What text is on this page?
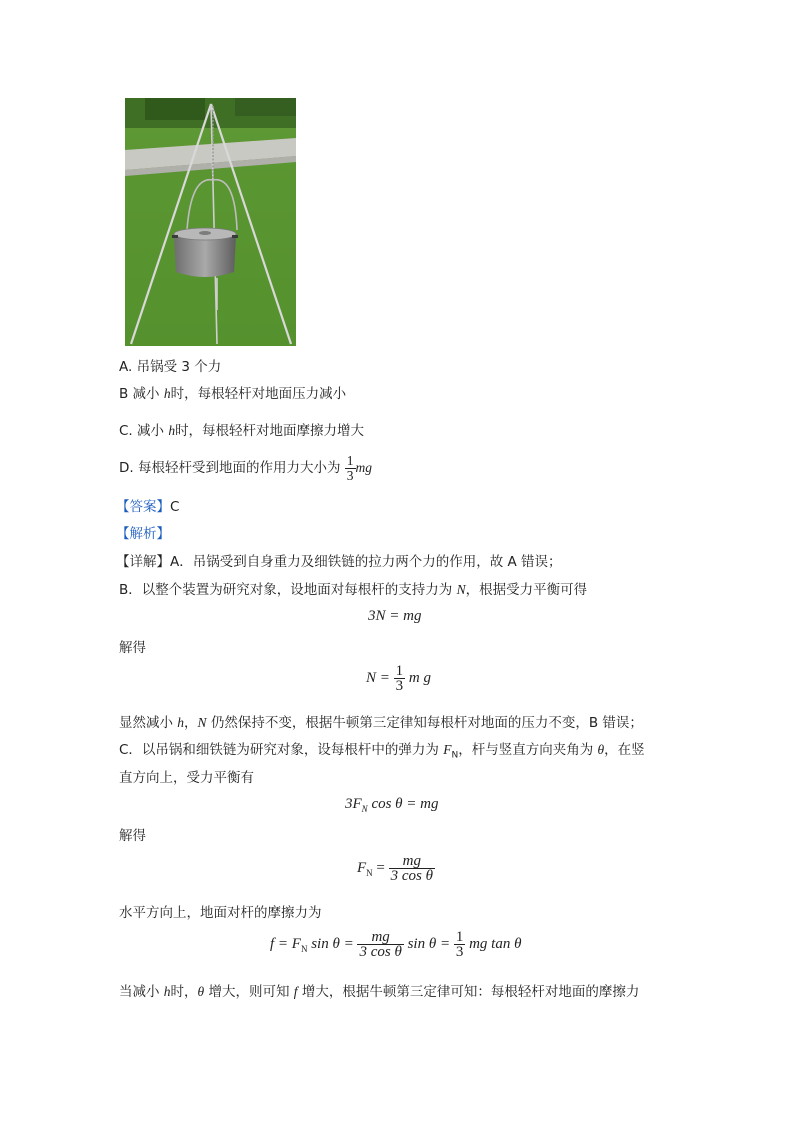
A. 吊锅受 3 个力
B 减小 h时，每根轻杆对地面压力减小
C. 减小 h时，每根轻杆对地面摩擦力增大
D. 每根轻杆受到地面的作用力大小为 $\frac{1}{3}$ mg
【答案】C
【解析】
【详解】A．吊锅受到自身重力及细铁链的拉力两个力的作用，故 A 错误；
B．以整个装置为研究对象，设地面对每根杆的支持力为 N，根据受力平衡可得
3N = mg
解得
$N = \frac{1}{3}$ m g
显然减小 h，N 仍然保持不变，根据牛顿第三定律知每根杆对地面的压力不变，B 错误；
C．以吊锅和细铁链为研究对象，设每根杆中的弹力为 $F_N$，杆与竖直方向夹角为 θ，在竖
直方向上，受力平衡有
$3F_N$ cos θ = mg
解得
$F_N = \frac{mg}{\text{3 cos θ}}$
水平方向上，地面对杆的摩擦力为
$f = F_N$ $\sin \theta = \frac{mg}{\text{3 cos θ}}$ $\sin \theta = \frac{1}{3}$ mg tan θ
当减小 h时，θ 增大，则可知 f 增大，根据牛顿第三定律可知：每根轻杆对地面的摩擦力
